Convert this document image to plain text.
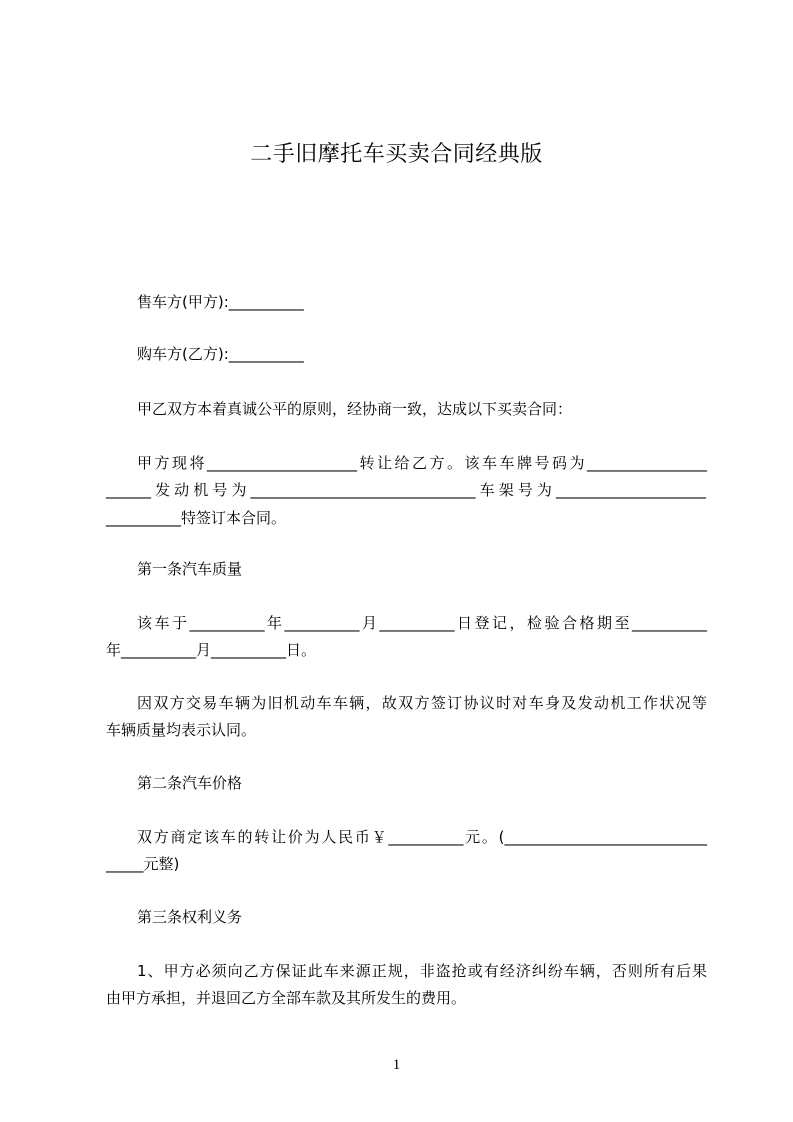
二手旧摩托车买卖合同经典版
售车方(甲方):__________
购车方(乙方):__________
甲乙双方本着真诚公平的原则，经协商一致，达成以下买卖合同：
甲方现将____________________转让给乙方。该车车牌号码为________________
______发动机号为______________________________车架号为____________________
__________特签订本合同。
第一条汽车质量
该车于__________年__________月__________日登记，检验合格期至__________
年__________月__________日。
因双方交易车辆为旧机动车车辆，故双方签订协议时对车身及发动机工作状况等
车辆质量均表示认同。
第二条汽车价格
双方商定该车的转让价为人民币￥__________元。(___________________________
_____元整)
第三条权利义务
1、甲方必须向乙方保证此车来源正规，非盗抢或有经济纠纷车辆，否则所有后果
由甲方承担，并退回乙方全部车款及其所发生的费用。
1
